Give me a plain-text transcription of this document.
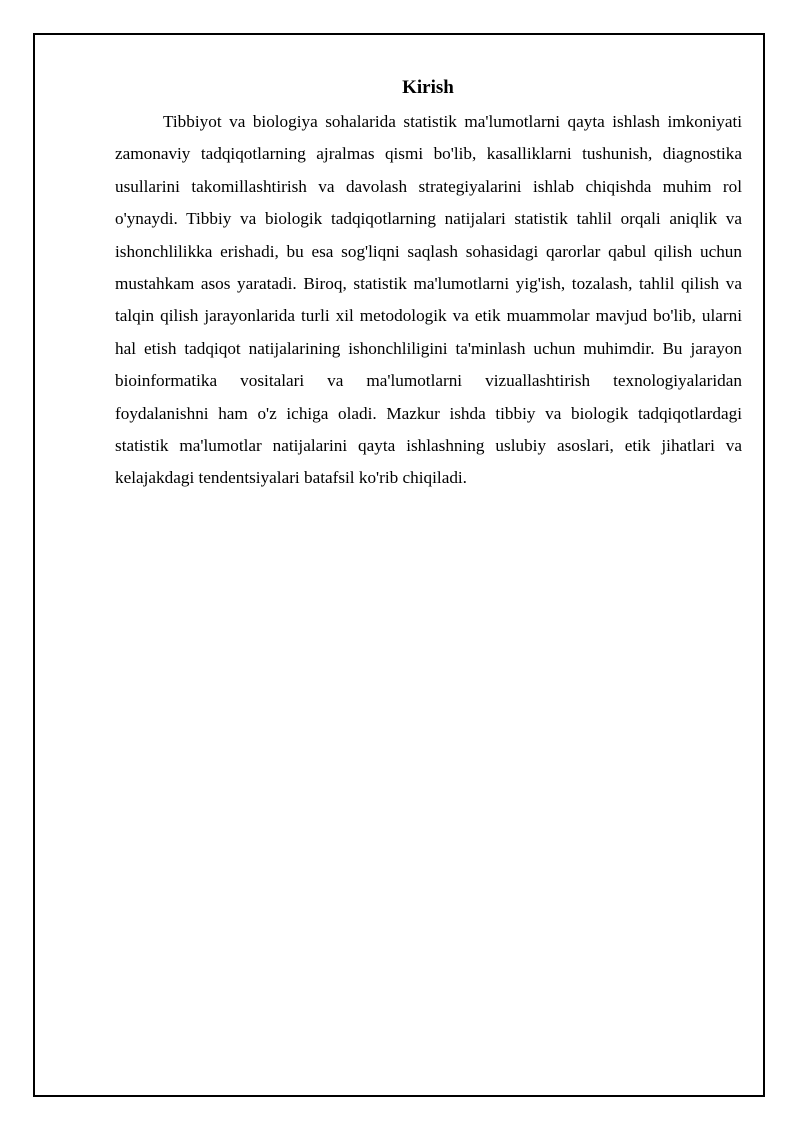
Kirish

Tibbiyot va biologiya sohalarida statistik ma'lumotlarni qayta ishlash imkoniyati zamonaviy tadqiqotlarning ajralmas qismi bo'lib, kasalliklarni tushunish, diagnostika usullarini takomillashtirish va davolash strategiyalarini ishlab chiqishda muhim rol o'ynaydi. Tibbiy va biologik tadqiqotlarning natijalari statistik tahlil orqali aniqlik va ishonchlilikka erishadi, bu esa sog'liqni saqlash sohasidagi qarorlar qabul qilish uchun mustahkam asos yaratadi. Biroq, statistik ma'lumotlarni yig'ish, tozalash, tahlil qilish va talqin qilish jarayonlarida turli xil metodologik va etik muammolar mavjud bo'lib, ularni hal etish tadqiqot natijalarining ishonchliligini ta'minlash uchun muhimdir. Bu jarayon bioinformatika vositalari va ma'lumotlarni vizuallashtirish texnologiyalaridan foydalanishni ham o'z ichiga oladi. Mazkur ishda tibbiy va biologik tadqiqotlardagi statistik ma'lumotlar natijalarini qayta ishlashning uslubiy asoslari, etik jihatlari va kelajakdagi tendentsiyalari batafsil ko'rib chiqiladi.
